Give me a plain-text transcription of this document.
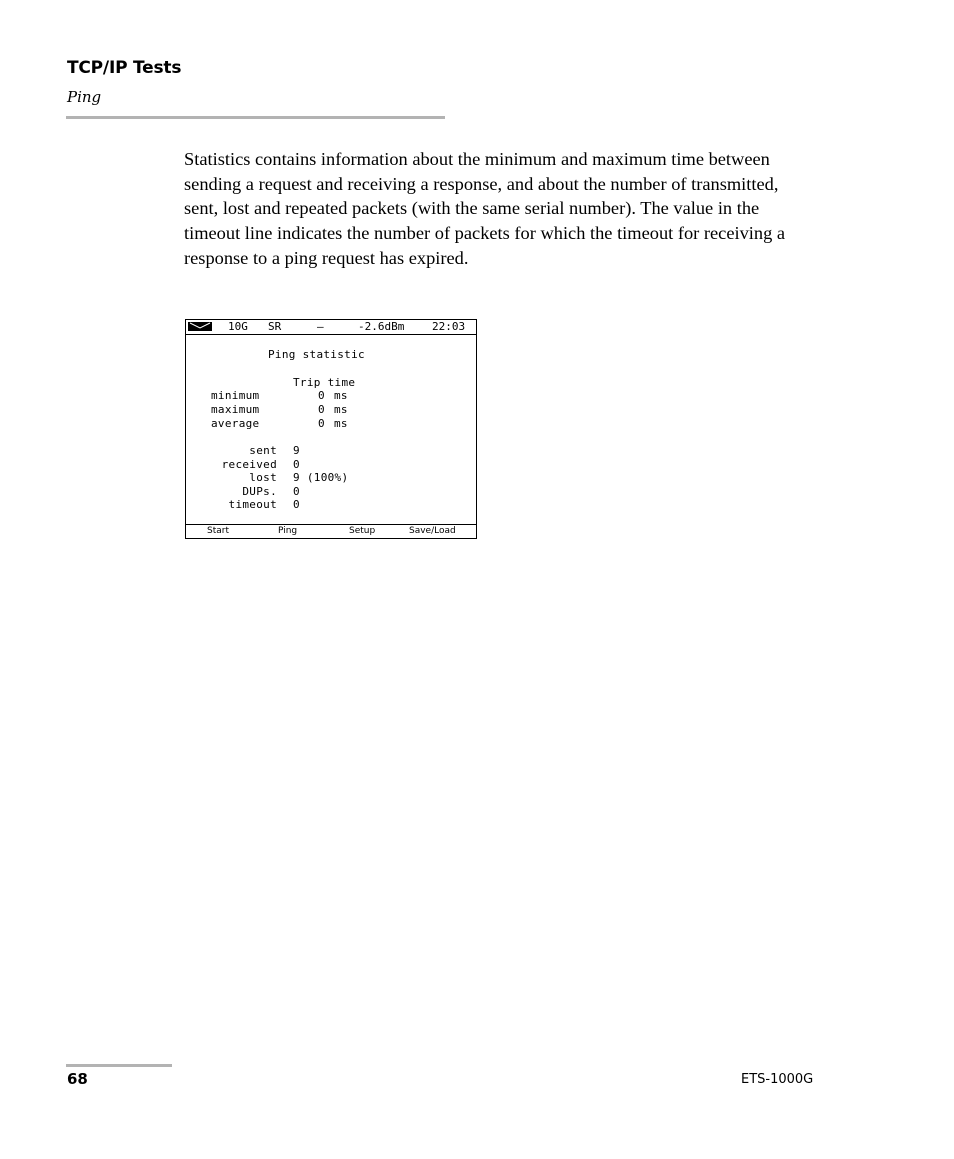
TCP/IP Tests
Ping
Statistics contains information about the minimum and maximum time between sending a request and receiving a response, and about the number of transmitted, sent, lost and repeated packets (with the same serial number). The value in the timeout line indicates the number of packets for which the timeout for receiving a response to a ping request has expired.
10G SR	—	-2.6dBm	22:03
Ping statistic
Trip time
minimum	0 ms
maximum	0 ms
average	0 ms
sent 9
received 0
lost 9 (100%)
DUPs. 0
timeout 0
Start	Ping	Setup	Save/Load
68	ETS-1000G
